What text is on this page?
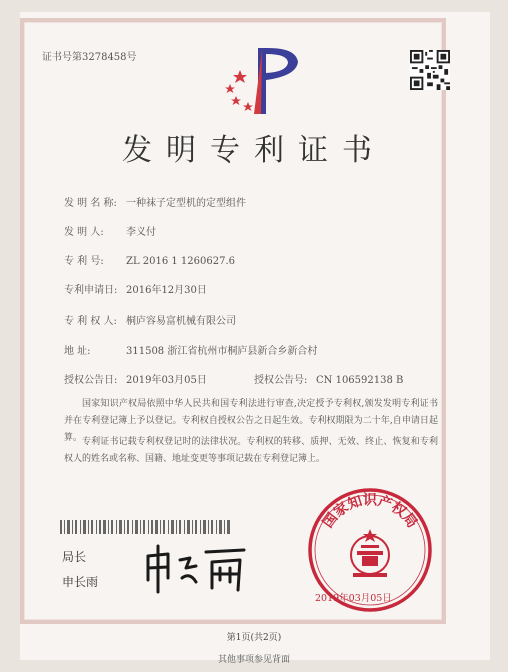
证书号第3278458号
发明专利证书
发 明 名 称: 一种袜子定型机的定型组件
发 明 人: 李义付
专 利 号: ZL 2016 1 1260627.6
专利申请日: 2016年12月30日
专 利 权 人: 桐庐容易富机械有限公司
地 址:	311508 浙江省杭州市桐庐县新合乡新合村
授权公告日: 2019年03月05日	授权公告号: CN 106592138 B
国家知识产权局依照中华人民共和国专利法进行审查,决定授予专利权,颁发发明专利证书并在专利登记簿上予以登记。专利权自授权公告之日起生效。专利权期限为二十年,自申请日起算。 专利证书记载专利权登记时的法律状况。专利权的转移、质押、无效、终止、恢复和专利权人的姓名或名称、国籍、地址变更等事项记载在专利登记簿上。
局长
申长雨
国家知识产权局
2019年03月05日
第1页(共2页)
其他事项参见背面
